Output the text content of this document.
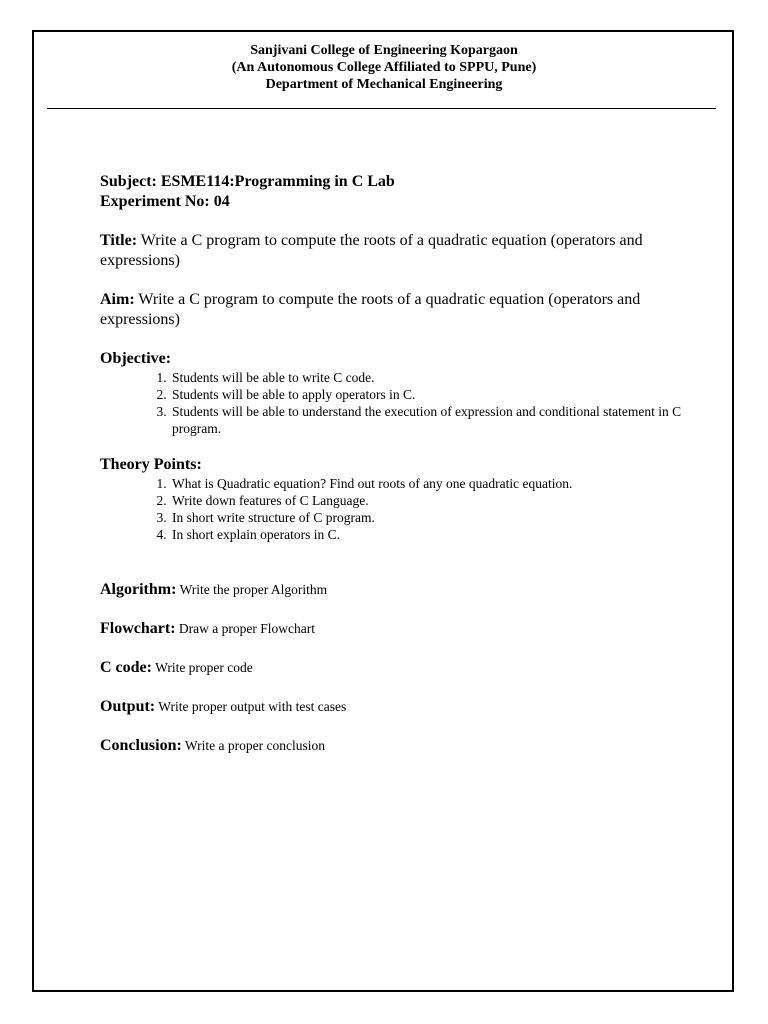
Sanjivani College of Engineering Kopargaon
(An Autonomous College Affiliated to SPPU, Pune)
Department of Mechanical Engineering

Subject: ESME114:Programming in C Lab

Experiment No: 04

Title: Write a C program to compute the roots of a quadratic equation (operators and expressions)

Aim: Write a C program to compute the roots of a quadratic equation (operators and expressions)

Objective:

1. Students will be able to write C code.
2. Students will be able to apply operators in C.
3. Students will be able to understand the execution of expression and conditional statement in C program.

Theory Points:

1. What is Quadratic equation? Find out roots of any one quadratic equation.
2. Write down features of C Language.
3. In short write structure of C program.
4. In short explain operators in C.

Algorithm: Write the proper Algorithm

Flowchart: Draw a proper Flowchart

C code: Write proper code

Output: Write proper output with test cases

Conclusion: Write a proper conclusion
